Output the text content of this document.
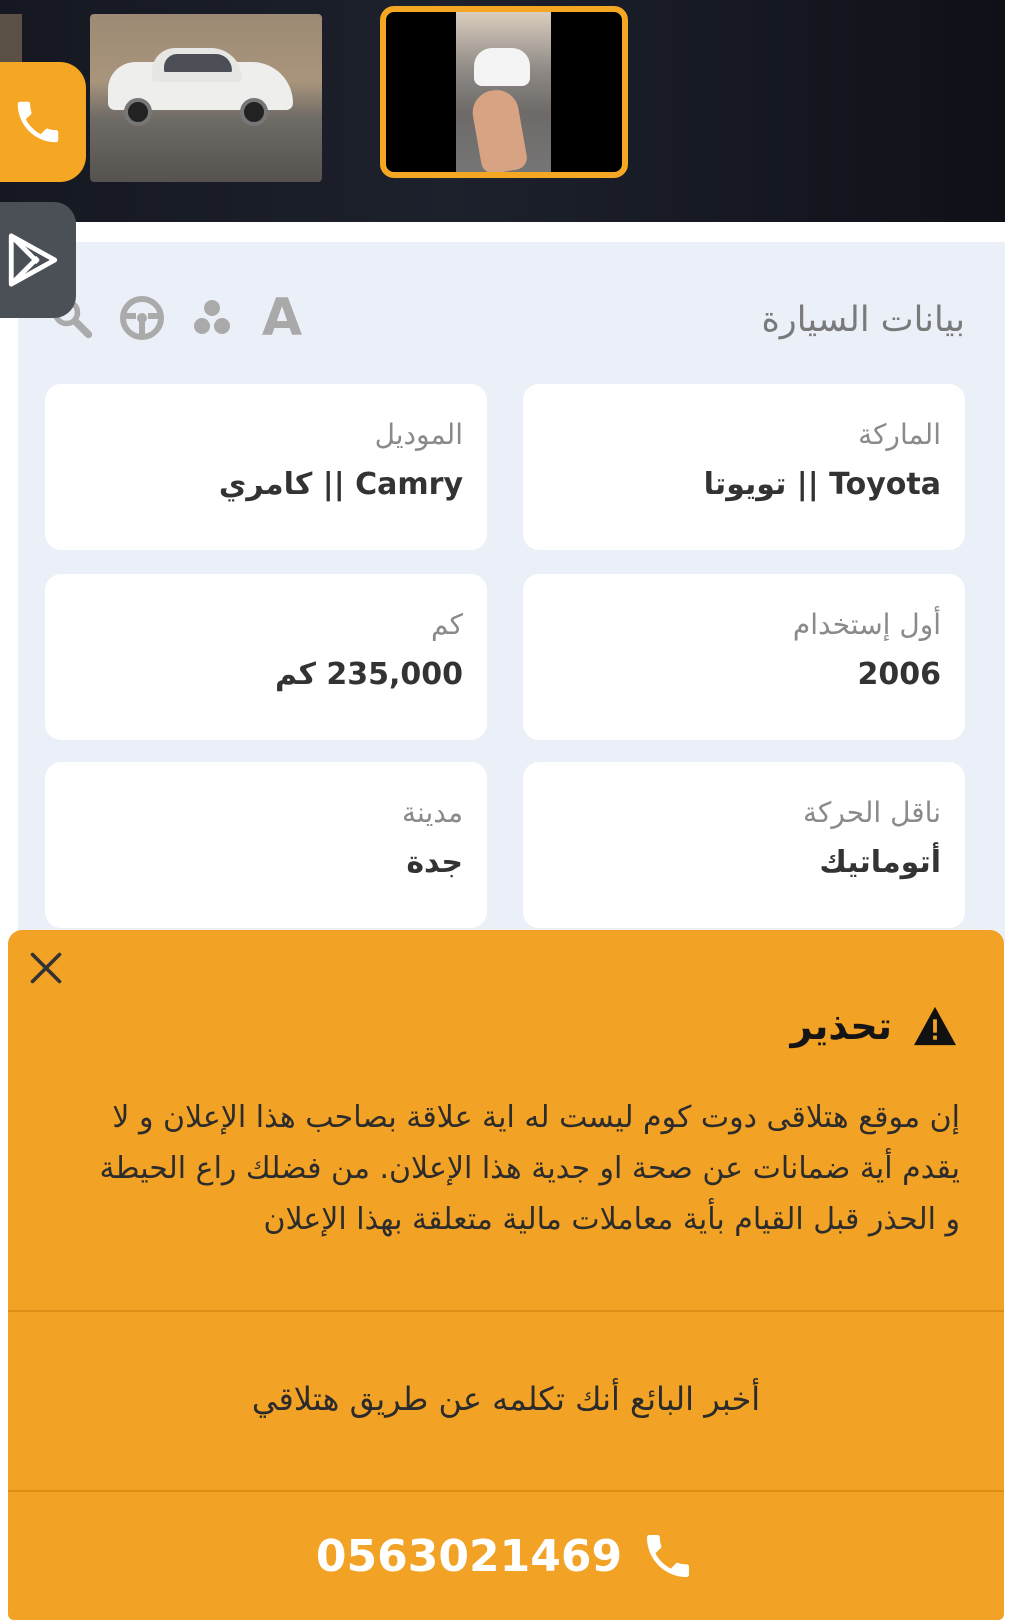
بيانات السيارة
A
الماركة
Toyota || تويوتا
الموديل
Camry || كامري
أول إستخدام
2006
كم
235,000 كم
ناقل الحركة
أتوماتيك
مدينة
جدة
تحذير
إن موقع هتلاقى دوت كوم ليست له اية علاقة بصاحب هذا الإعلان و لا يقدم أية ضمانات عن صحة او جدية هذا الإعلان. من فضلك راع الحيطة و الحذر قبل القيام بأية معاملات مالية متعلقة بهذا الإعلان
أخبر البائع أنك تكلمه عن طريق هتلاقي
0563021469
